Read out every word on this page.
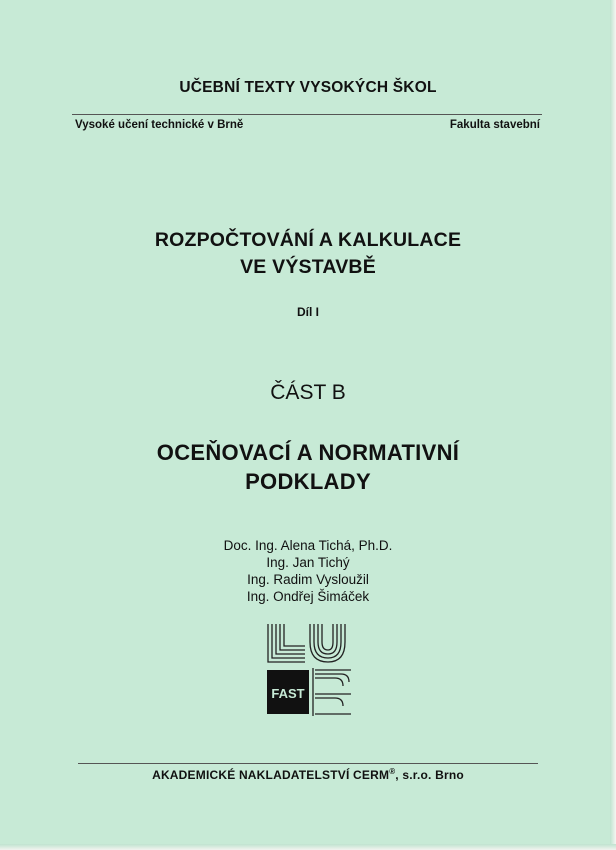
UČEBNÍ TEXTY VYSOKÝCH ŠKOL
Vysoké učení technické v Brně	Fakulta stavební
ROZPOČTOVÁNÍ A KALKULACE
VE VÝSTAVBĚ
Díl I
ČÁST B
OCEŇOVACÍ A NORMATIVNÍ
PODKLADY
Doc. Ing. Alena Tichá, Ph.D.
Ing. Jan Tichý
Ing. Radim Vysloužil
Ing. Ondřej Šimáček
FAST
AKADEMICKÉ NAKLADATELSTVÍ CERM®, s.r.o. Brno
